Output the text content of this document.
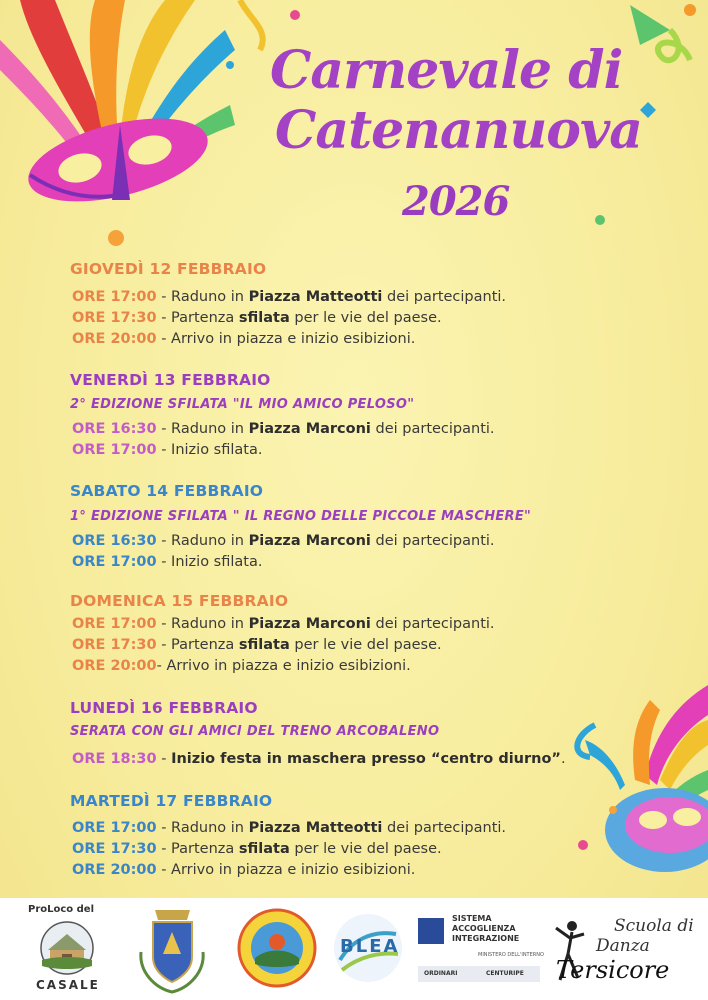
Carnevale di
Catenanuova
2026
GIOVEDÌ 12 FEBBRAIO
ORE 17:00 - Raduno in Piazza Matteotti dei partecipanti.
ORE 17:30 - Partenza sfilata per le vie del paese.
ORE 20:00 - Arrivo in piazza e inizio esibizioni.
VENERDÌ 13 FEBBRAIO
2° EDIZIONE SFILATA "IL MIO AMICO PELOSO"
ORE 16:30 - Raduno in Piazza Marconi dei partecipanti.
ORE 17:00 - Inizio sfilata.
SABATO 14 FEBBRAIO
1° EDIZIONE SFILATA " IL REGNO DELLE PICCOLE MASCHERE"
ORE 16:30 - Raduno in Piazza Marconi dei partecipanti.
ORE 17:00 - Inizio sfilata.
DOMENICA 15 FEBBRAIO
ORE 17:00 - Raduno in Piazza Marconi dei partecipanti.
ORE 17:30 - Partenza sfilata per le vie del paese.
ORE 20:00- Arrivo in piazza e inizio esibizioni.
LUNEDÌ 16 FEBBRAIO
SERATA CON GLI AMICI DEL TRENO ARCOBALENO
ORE 18:30 - Inizio festa in maschera presso “centro diurno”.
MARTEDÌ 17 FEBBRAIO
ORE 17:00 - Raduno in Piazza Matteotti dei partecipanti.
ORE 17:30 - Partenza sfilata per le vie del paese.
ORE 20:00 - Arrivo in piazza e inizio esibizioni.
ProLoco del
CASALE
BLEA
SISTEMA
ACCOGLIENZA
INTEGRAZIONE
MINISTERO DELL'INTERNO
ORDINARI	CENTURIPE
Scuola di
Danza
Tersicore
